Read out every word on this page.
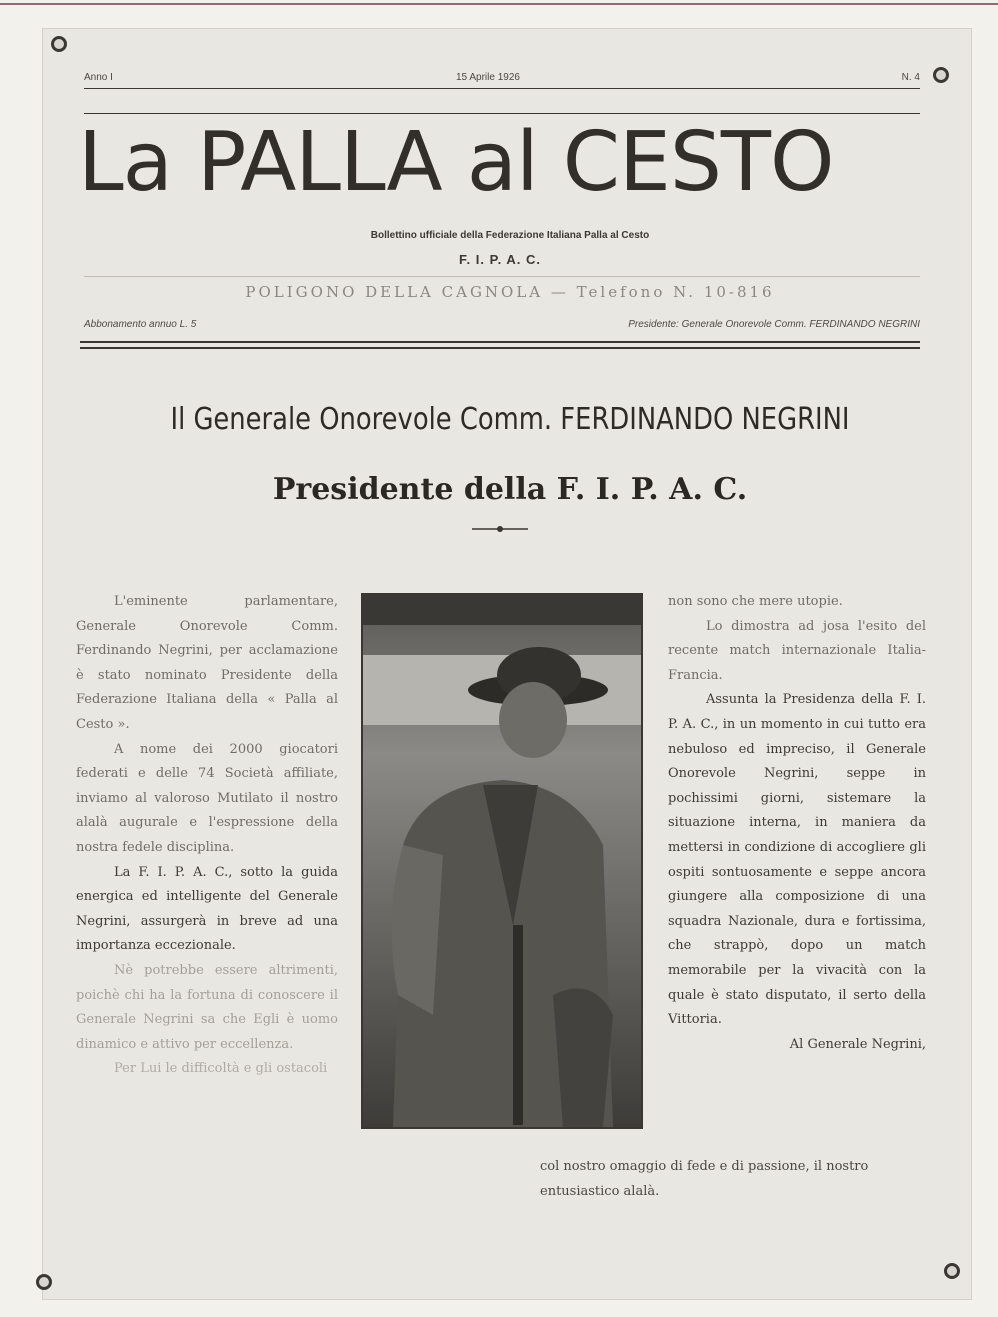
Anno I	15 Aprile 1926	N. 4
La PALLA al CESTO
Bollettino ufficiale della Federazione Italiana Palla al Cesto
F. I. P. A. C.
POLIGONO DELLA CAGNOLA — Telefono N. 10-816
Abbonamento annuo L. 5	Presidente: Generale Onorevole Comm. FERDINANDO NEGRINI
Il Generale Onorevole Comm. FERDINANDO NEGRINI
Presidente della F. I. P. A. C.

L'eminente parlamentare, Generale Onorevole Comm. Ferdinando Negrini, per acclamazione è stato nominato Presidente della Federazione Italiana della « Palla al Cesto ».

A nome dei 2000 giocatori federati e delle 74 Società affiliate, inviamo al valoroso Mutilato il nostro alalà augurale e l'espressione della nostra fedele disciplina.

La F. I. P. A. C., sotto la guida energica ed intelligente del Generale Negrini, assurgerà in breve ad una importanza eccezionale.

Nè potrebbe essere altrimenti, poichè chi ha la fortuna di conoscere il Generale Negrini sa che Egli è uomo dinamico e attivo per eccellenza.

Per Lui le difficoltà e gli ostacoli

non sono che mere utopie.

Lo dimostra ad josa l'esito del recente match internazionale Italia-Francia.

Assunta la Presidenza della F. I. P. A. C., in un momento in cui tutto era nebuloso ed impreciso, il Generale Onorevole Negrini, seppe in pochissimi giorni, sistemare la situazione interna, in maniera da mettersi in condizione di accogliere gli ospiti sontuosamente e seppe ancora giungere alla composizione di una squadra Nazionale, dura e fortissima, che strappò, dopo un match memorabile per la vivacità con la quale è stato disputato, il serto della Vittoria.

Al Generale Negrini,

col nostro omaggio di fede e di passione, il nostro entusiastico alalà.
